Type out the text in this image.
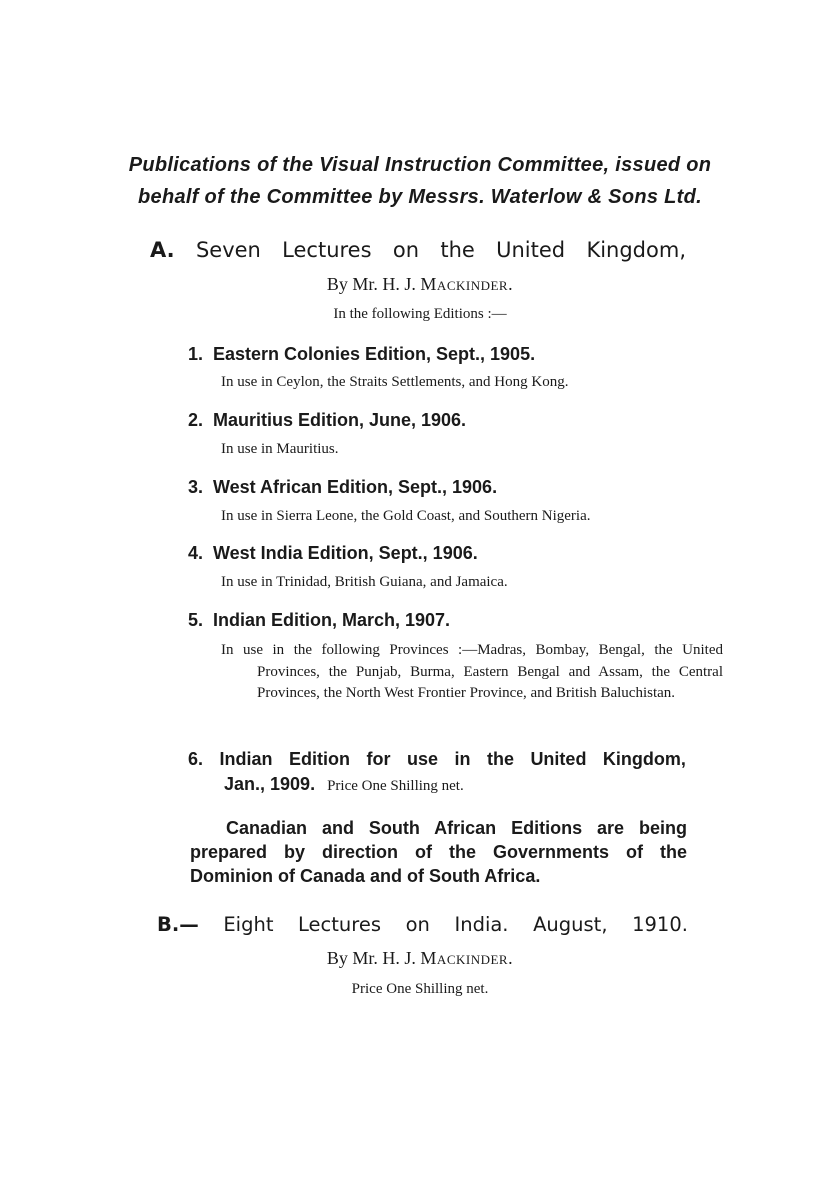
Publications of the Visual Instruction Committee, issued on
behalf of the Committee by Messrs. Waterlow & Sons Ltd.
A. Seven Lectures on the United Kingdom,
By Mr. H. J. Mackinder.
In the following Editions :—
1. Eastern Colonies Edition, Sept., 1905.
In use in Ceylon, the Straits Settlements, and Hong Kong.
2. Mauritius Edition, June, 1906.
In use in Mauritius.
3. West African Edition, Sept., 1906.
In use in Sierra Leone, the Gold Coast, and Southern Nigeria.
4. West India Edition, Sept., 1906.
In use in Trinidad, British Guiana, and Jamaica.
5. Indian Edition, March, 1907.
In use in the following Provinces :—Madras, Bombay, Bengal, the United Provinces, the Punjab, Burma, Eastern Bengal and Assam, the Central Provinces, the North West Frontier Province, and British Baluchistan.
6. Indian Edition for use in the United Kingdom,
Jan., 1909. Price One Shilling net.
Canadian and South African Editions are being prepared by direction of the Governments of the Dominion of Canada and of South Africa.
B.— Eight Lectures on India. August, 1910.
By Mr. H. J. Mackinder.
Price One Shilling net.
